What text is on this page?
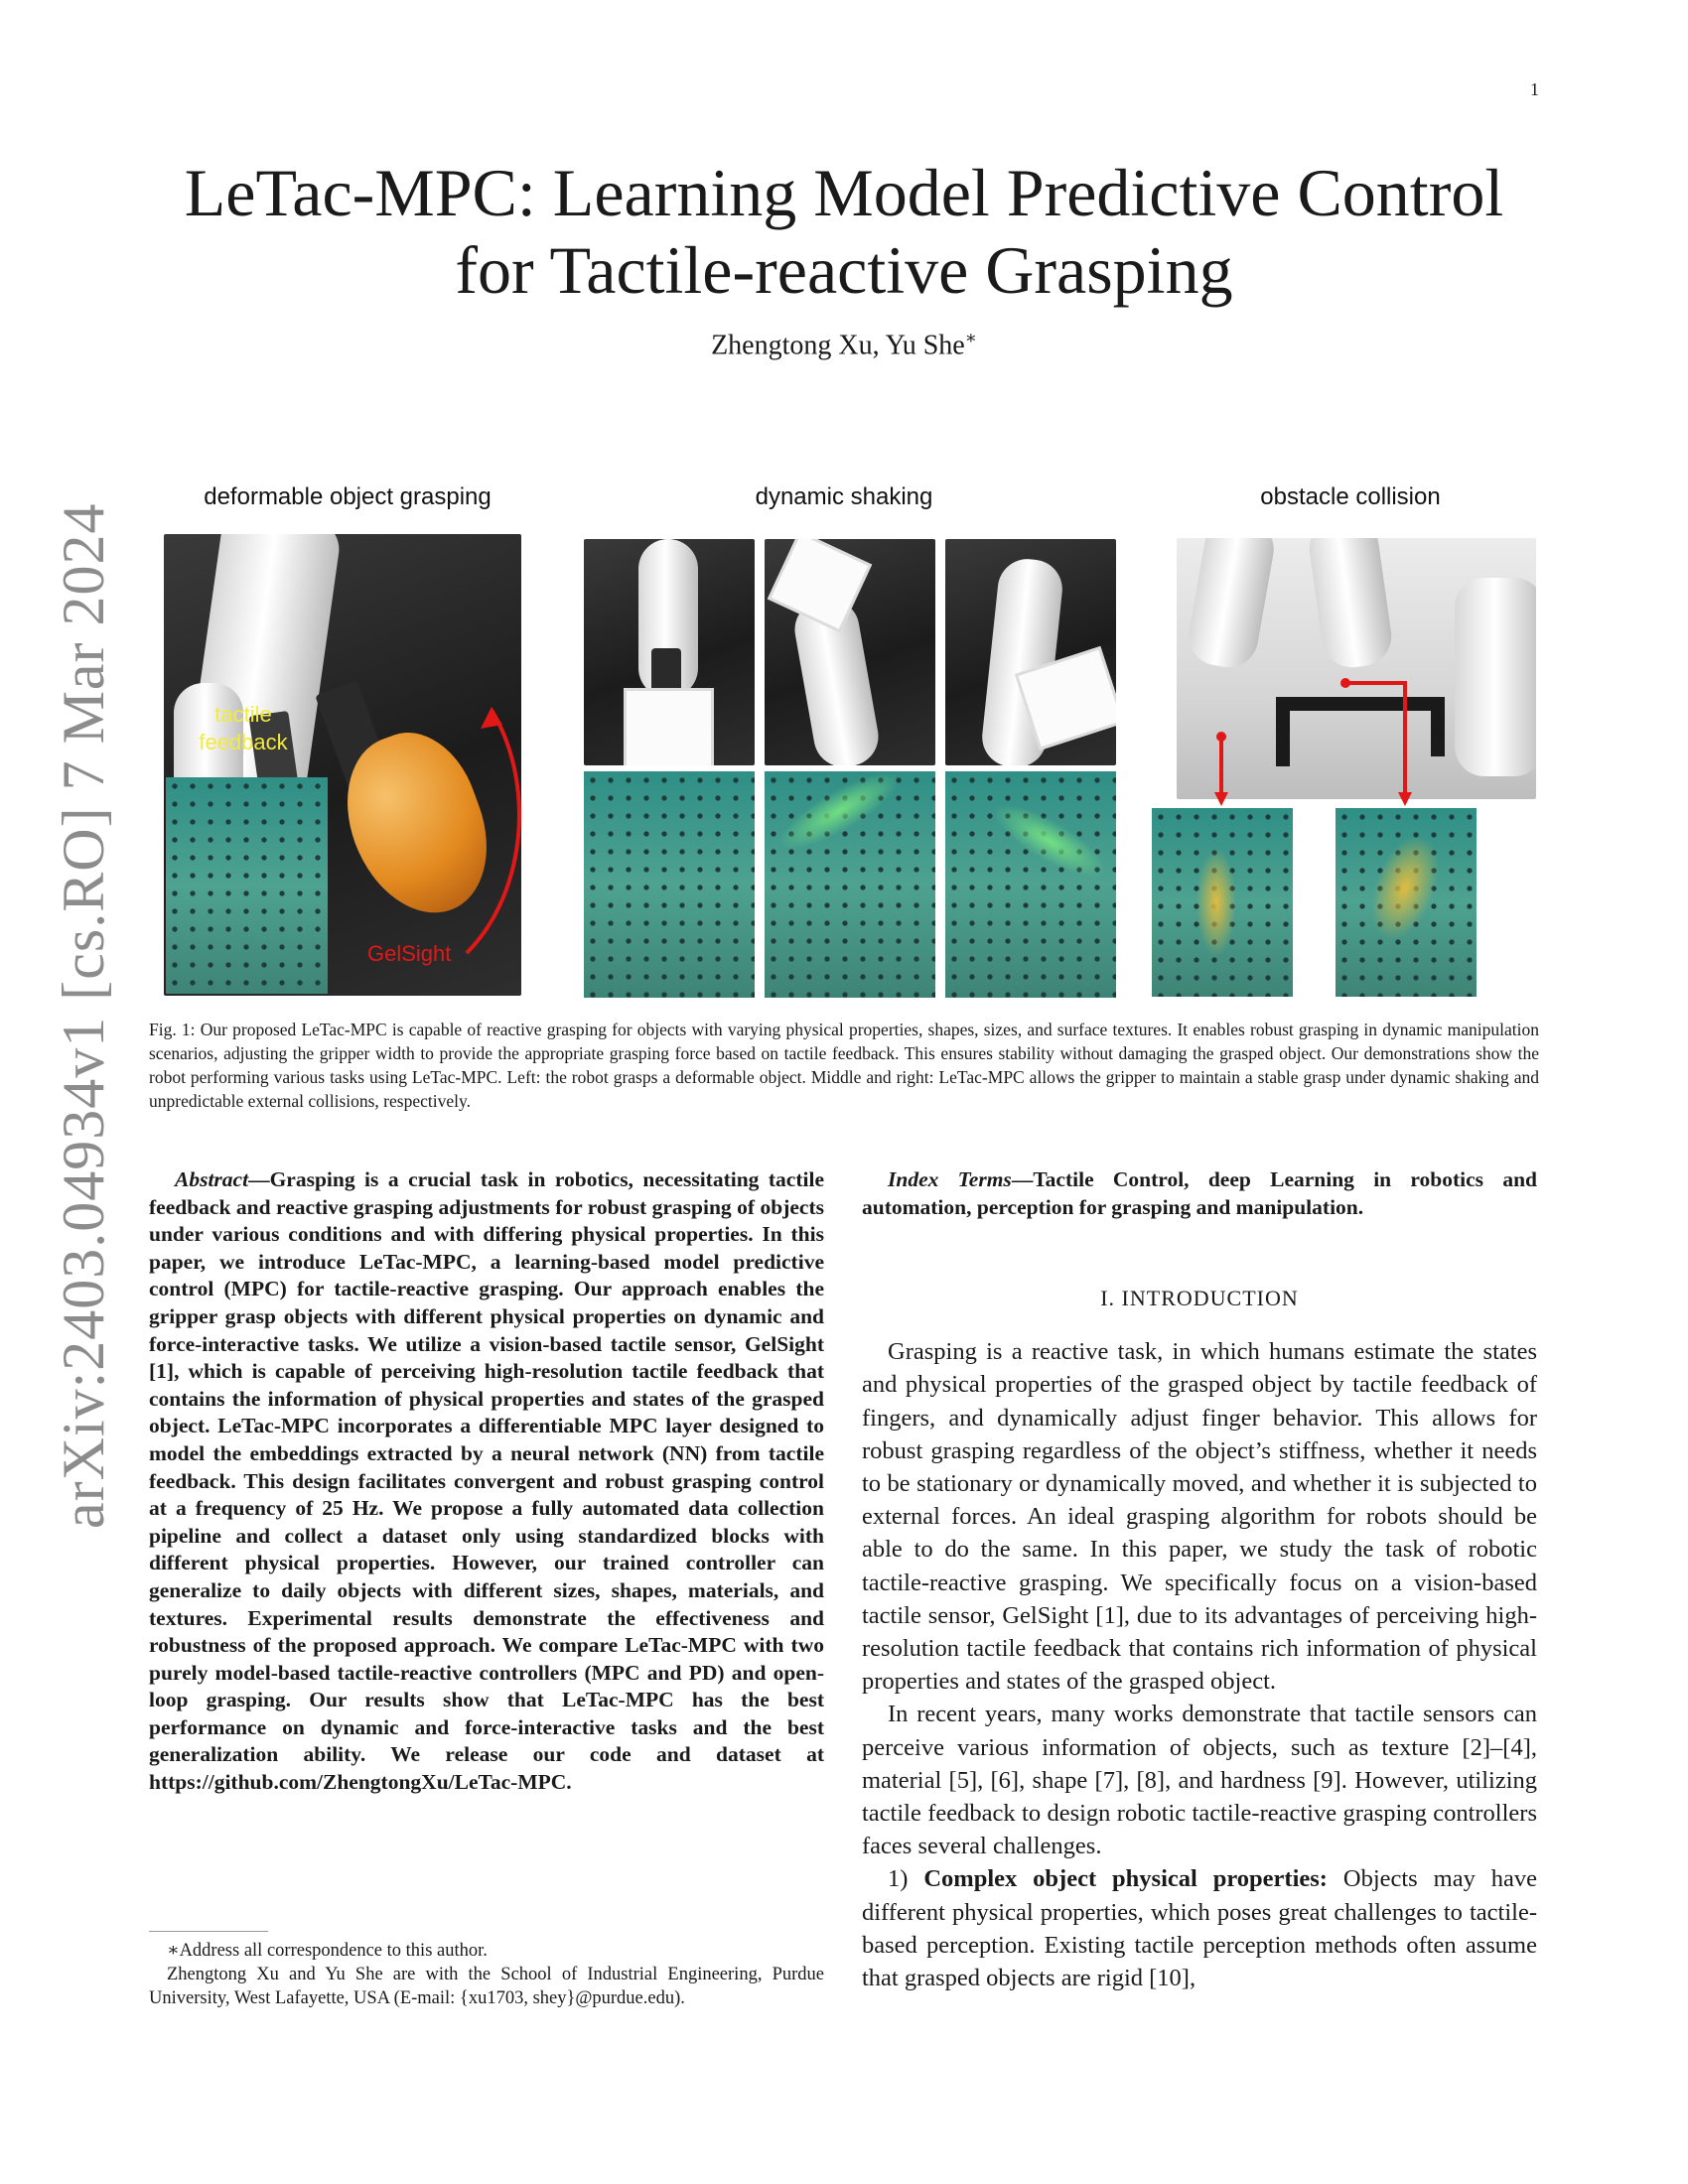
1
arXiv:2403.04934v1 [cs.RO] 7 Mar 2024
LeTac-MPC: Learning Model Predictive Control
for Tactile-reactive Grasping
Zhengtong Xu, Yu She∗
deformable object grasping	dynamic shaking	obstacle collision
tactile
feedback
GelSight
Fig. 1: Our proposed LeTac-MPC is capable of reactive grasping for objects with varying physical properties, shapes, sizes, and surface textures. It enables robust grasping in dynamic manipulation scenarios, adjusting the gripper width to provide the appropriate grasping force based on tactile feedback. This ensures stability without damaging the grasped object. Our demonstrations show the robot performing various tasks using LeTac-MPC. Left: the robot grasps a deformable object. Middle and right: LeTac-MPC allows the gripper to maintain a stable grasp under dynamic shaking and unpredictable external collisions, respectively.

Abstract—Grasping is a crucial task in robotics, necessitating tactile feedback and reactive grasping adjustments for robust grasping of objects under various conditions and with differing physical properties. In this paper, we introduce LeTac-MPC, a learning-based model predictive control (MPC) for tactile-reactive grasping. Our approach enables the gripper grasp objects with different physical properties on dynamic and force-interactive tasks. We utilize a vision-based tactile sensor, GelSight [1], which is capable of perceiving high-resolution tactile feedback that contains the information of physical properties and states of the grasped object. LeTac-MPC incorporates a differentiable MPC layer designed to model the embeddings extracted by a neural network (NN) from tactile feedback. This design facilitates convergent and robust grasping control at a frequency of 25 Hz. We propose a fully automated data collection pipeline and collect a dataset only using standardized blocks with different physical properties. However, our trained controller can generalize to daily objects with different sizes, shapes, materials, and textures. Experimental results demonstrate the effectiveness and robustness of the proposed approach. We compare LeTac-MPC with two purely model-based tactile-reactive controllers (MPC and PD) and open-loop grasping. Our results show that LeTac-MPC has the best performance on dynamic and force-interactive tasks and the best generalization ability. We release our code and dataset at https://github.com/ZhengtongXu/LeTac-MPC.

∗Address all correspondence to this author.

Zhengtong Xu and Yu She are with the School of Industrial Engineering, Purdue University, West Lafayette, USA (E-mail: {xu1703, shey}@purdue.edu).

Index Terms—Tactile Control, deep Learning in robotics and automation, perception for grasping and manipulation.

I. INTRODUCTION

Grasping is a reactive task, in which humans estimate the states and physical properties of the grasped object by tactile feedback of fingers, and dynamically adjust finger behavior. This allows for robust grasping regardless of the object’s stiffness, whether it needs to be stationary or dynamically moved, and whether it is subjected to external forces. An ideal grasping algorithm for robots should be able to do the same. In this paper, we study the task of robotic tactile-reactive grasping. We specifically focus on a vision-based tactile sensor, GelSight [1], due to its advantages of perceiving high-resolution tactile feedback that contains rich information of physical properties and states of the grasped object.

In recent years, many works demonstrate that tactile sensors can perceive various information of objects, such as texture [2]–[4], material [5], [6], shape [7], [8], and hardness [9]. However, utilizing tactile feedback to design robotic tactile-reactive grasping controllers faces several challenges.

1) Complex object physical properties: Objects may have different physical properties, which poses great challenges to tactile-based perception. Existing tactile perception methods often assume that grasped objects are rigid [10],
